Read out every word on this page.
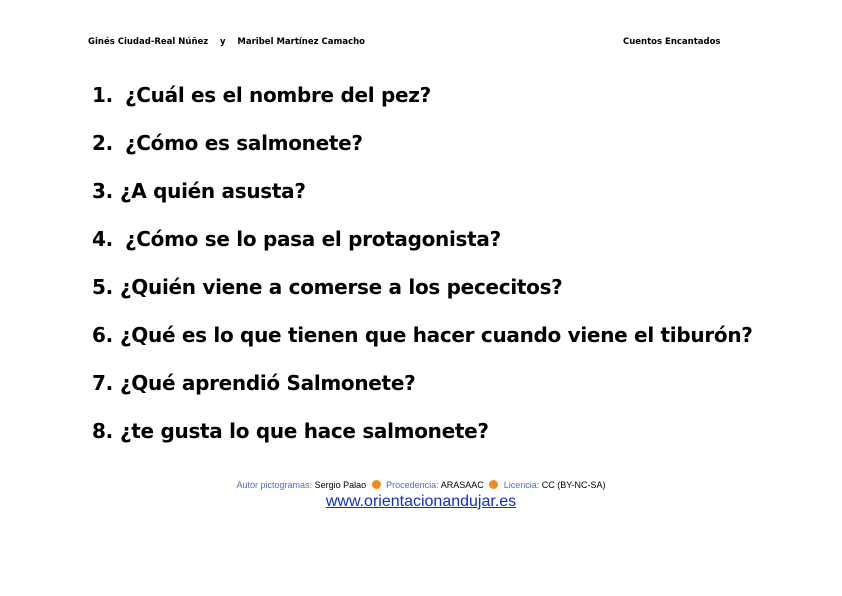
Ginés Ciudad-Real Núñez    y    Maribel Martínez Camacho	Cuentos Encantados
1. ¿Cuál es el nombre del pez?
2. ¿Cómo es salmonete?
3. ¿A quién asusta?
4. ¿Cómo se lo pasa el protagonista?
5. ¿Quién viene a comerse a los pececitos?
6. ¿Qué es lo que tienen que hacer cuando viene el tiburón?
7. ¿Qué aprendió Salmonete?
8. ¿te gusta lo que hace salmonete?
Autor pictogramas: Sergio Palao Procedencia: ARASAAC Licencia: CC (BY-NC-SA)
www.orientacionandujar.es
